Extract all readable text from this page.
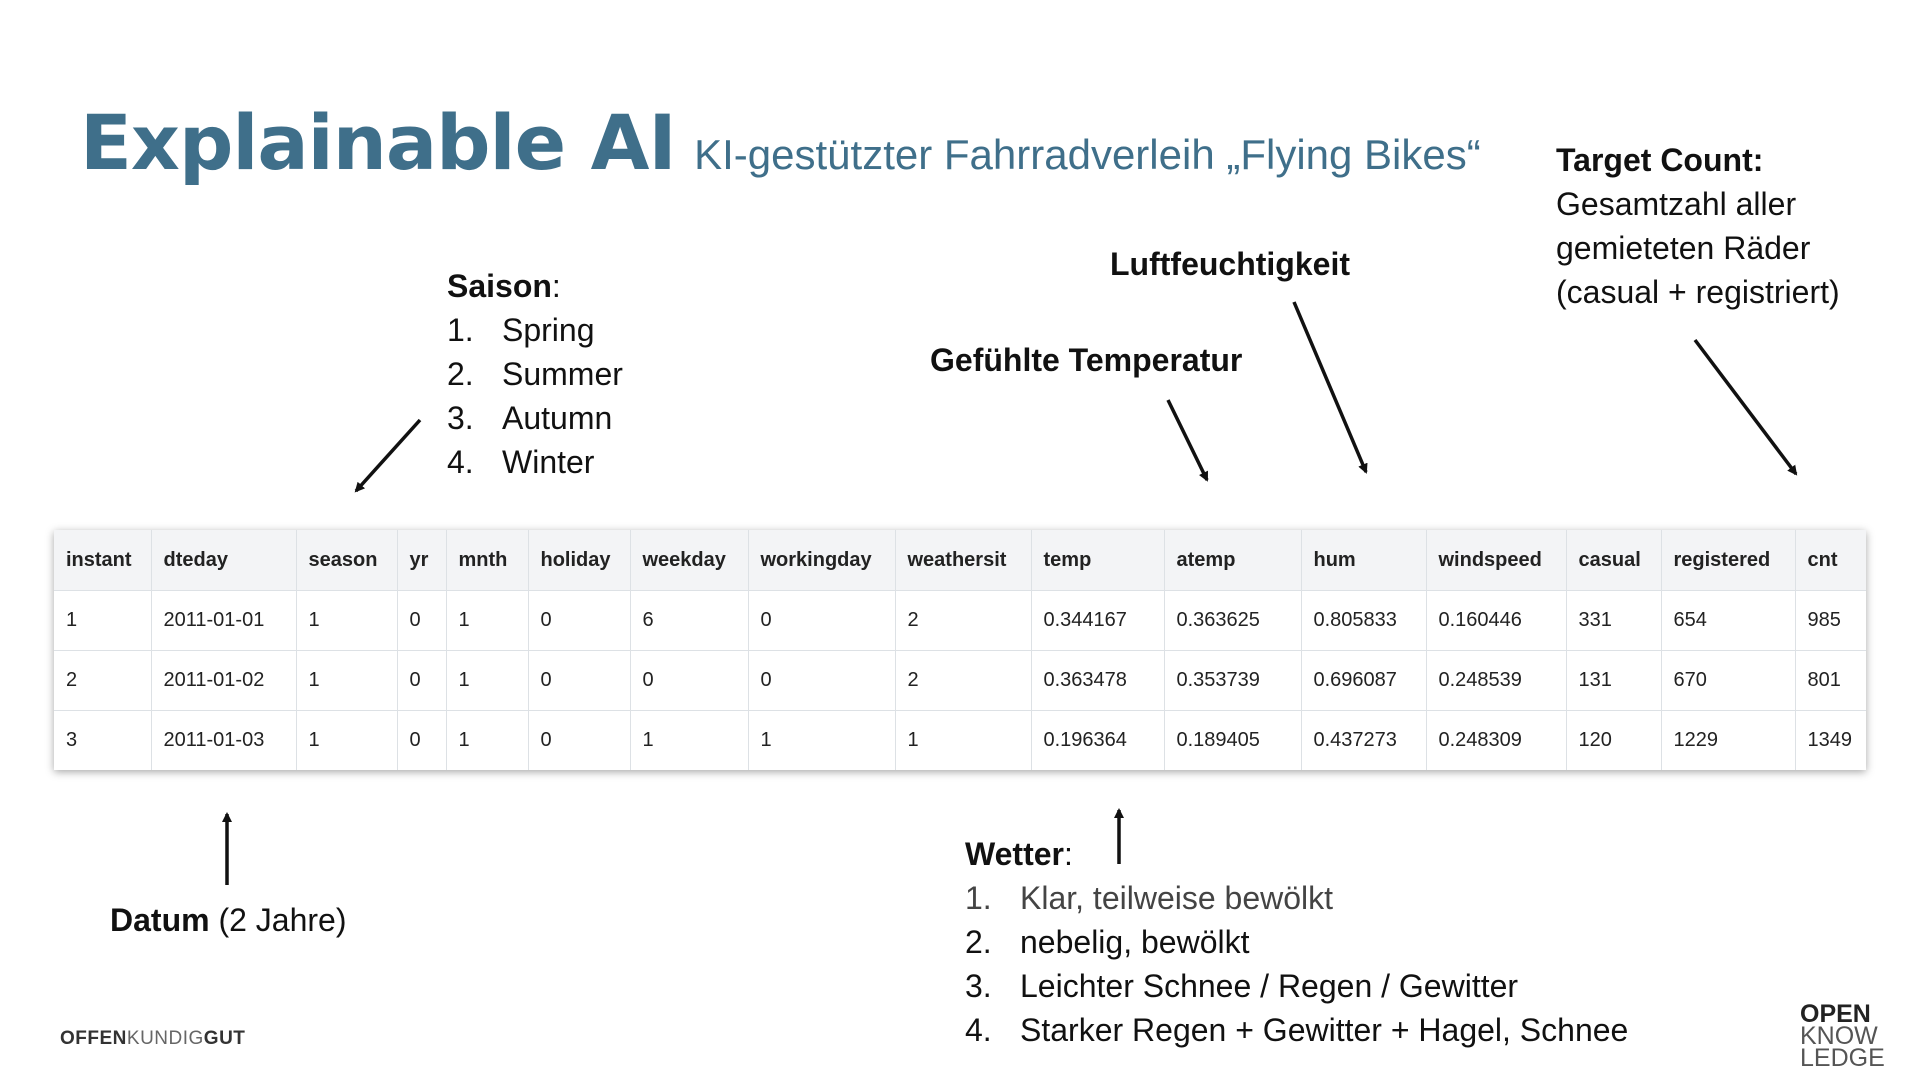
Explainable AI KI-gestützter Fahrradverleih „Flying Bikes“
Saison:
1. Spring
2. Summer
3. Autumn
4. Winter
Luftfeuchtigkeit
Gefühlte Temperatur
Target Count:
Gesamtzahl aller
gemieteten Räder
(casual + registriert)
instant	dteday	season	yr	mnth	holiday	weekday	workingday	weathersit	temp	atemp	hum	windspeed	casual	registered	cnt
1	2011-01-01	1	0	1	0	6	0	2	0.344167	0.363625	0.805833	0.160446	331	654	985
2	2011-01-02	1	0	1	0	0	0	2	0.363478	0.353739	0.696087	0.248539	131	670	801
3	2011-01-03	1	0	1	0	1	1	1	0.196364	0.189405	0.437273	0.248309	120	1229	1349
Datum (2 Jahre)
Wetter:
1. Klar, teilweise bewölkt
2. nebelig, bewölkt
3. Leichter Schnee / Regen / Gewitter
4. Starker Regen + Gewitter + Hagel, Schnee
OFFENKUNDIGGUT
OPEN
KNOW
LEDGE
